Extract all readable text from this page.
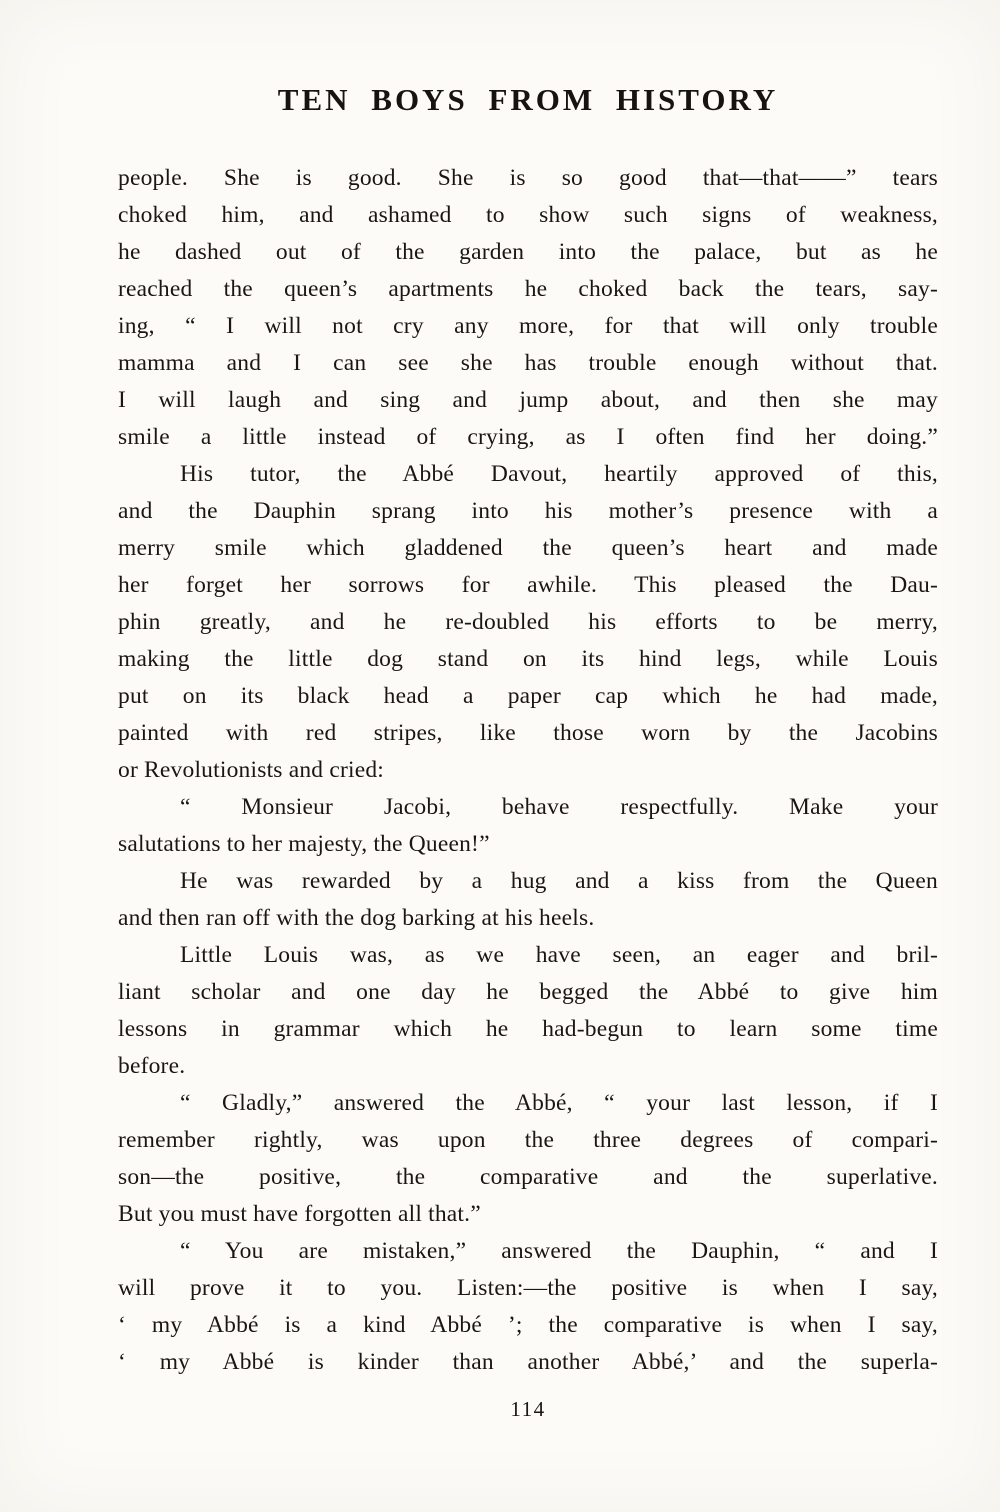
TEN BOYS FROM HISTORY
people. She is good. She is so good that—that——” tears
choked him, and ashamed to show such signs of weakness,
he dashed out of the garden into the palace, but as he
reached the queen’s apartments he choked back the tears, say-
ing, “ I will not cry any more, for that will only trouble
mamma and I can see she has trouble enough without that.
I will laugh and sing and jump about, and then she may
smile a little instead of crying, as I often find her doing.”
His tutor, the Abbé Davout, heartily approved of this,
and the Dauphin sprang into his mother’s presence with a
merry smile which gladdened the queen’s heart and made
her forget her sorrows for awhile. This pleased the Dau-
phin greatly, and he re-doubled his efforts to be merry,
making the little dog stand on its hind legs, while Louis
put on its black head a paper cap which he had made,
painted with red stripes, like those worn by the Jacobins
or Revolutionists and cried:
“ Monsieur Jacobi, behave respectfully. Make your
salutations to her majesty, the Queen!”
He was rewarded by a hug and a kiss from the Queen
and then ran off with the dog barking at his heels.
Little Louis was, as we have seen, an eager and bril-
liant scholar and one day he begged the Abbé to give him
lessons in grammar which he had-begun to learn some time
before.
“ Gladly,” answered the Abbé, “ your last lesson, if I
remember rightly, was upon the three degrees of compari-
son—the positive, the comparative and the superlative.
But you must have forgotten all that.”
“ You are mistaken,” answered the Dauphin, “ and I
will prove it to you. Listen:—the positive is when I say,
‘ my Abbé is a kind Abbé ’; the comparative is when I say,
‘ my Abbé is kinder than another Abbé,’ and the superla-
114
